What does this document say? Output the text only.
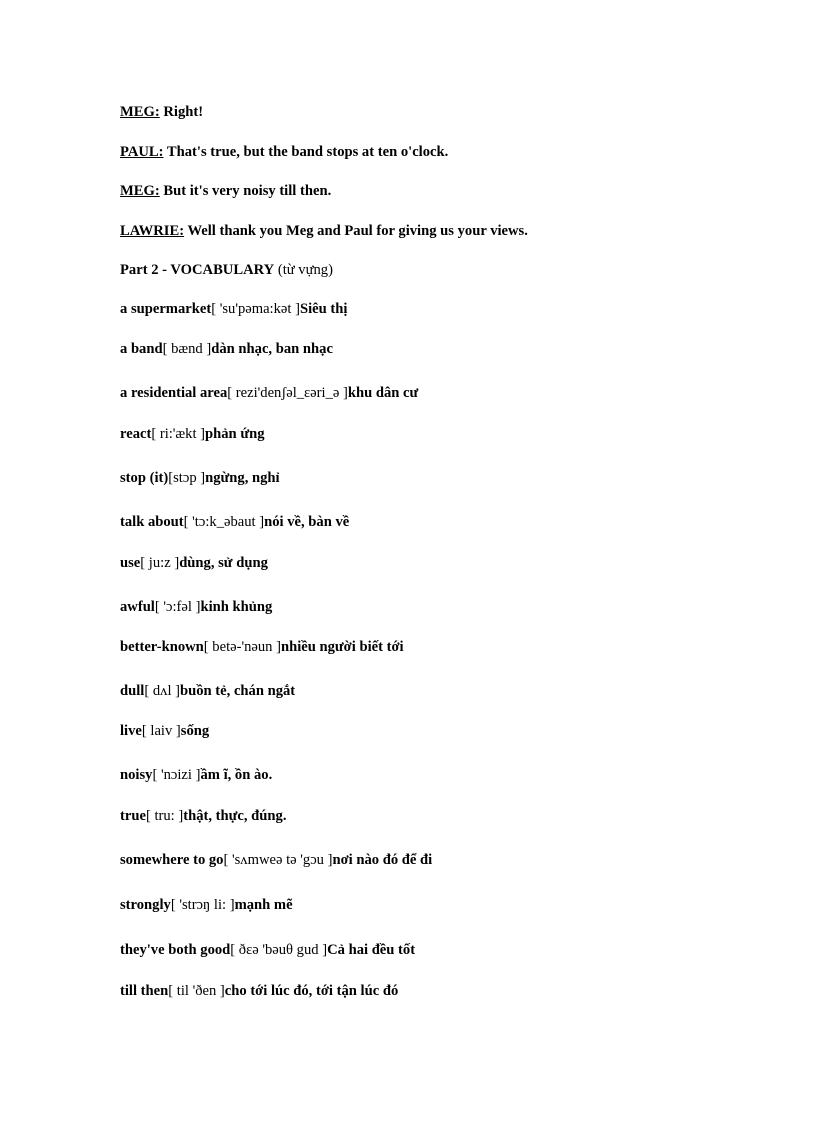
MEG: Right!
PAUL: That's true, but the band stops at ten o'clock.
MEG: But it's very noisy till then.
LAWRIE: Well thank you Meg and Paul for giving us your views.
Part 2 - VOCABULARY (từ vựng)
a supermarket[ 'su'pəma:kət ]Siêu thị
a band[ bænd ]dàn nhạc, ban nhạc
a residential area[ rezi'denʃəl_ɛəri_ə ]khu dân cư
react[ ri:'ækt ]phản ứng
stop (it)[stɔp ]ngừng, nghỉ
talk about[ 'tɔ:k_əbaut ]nói về, bàn về
use[ ju:z ]dùng, sử dụng
awful[ 'ɔ:fəl ]kinh khủng
better-known[ betə-'nəun ]nhiều người biết tới
dull[ dʌl ]buồn tẻ, chán ngắt
live[ laiv ]sống
noisy[ 'nɔizi ]ầm ĩ, ồn ào.
true[ tru: ]thật, thực, đúng.
somewhere to go[ 'sʌmweə tə 'gɔu ]nơi nào đó để đi
strongly[ 'strɔŋ li: ]mạnh mẽ
they've both good[ ðɛə 'bəuθ gud ]Cả hai đều tốt
till then[ til 'ðen ]cho tới lúc đó, tới tận lúc đó
